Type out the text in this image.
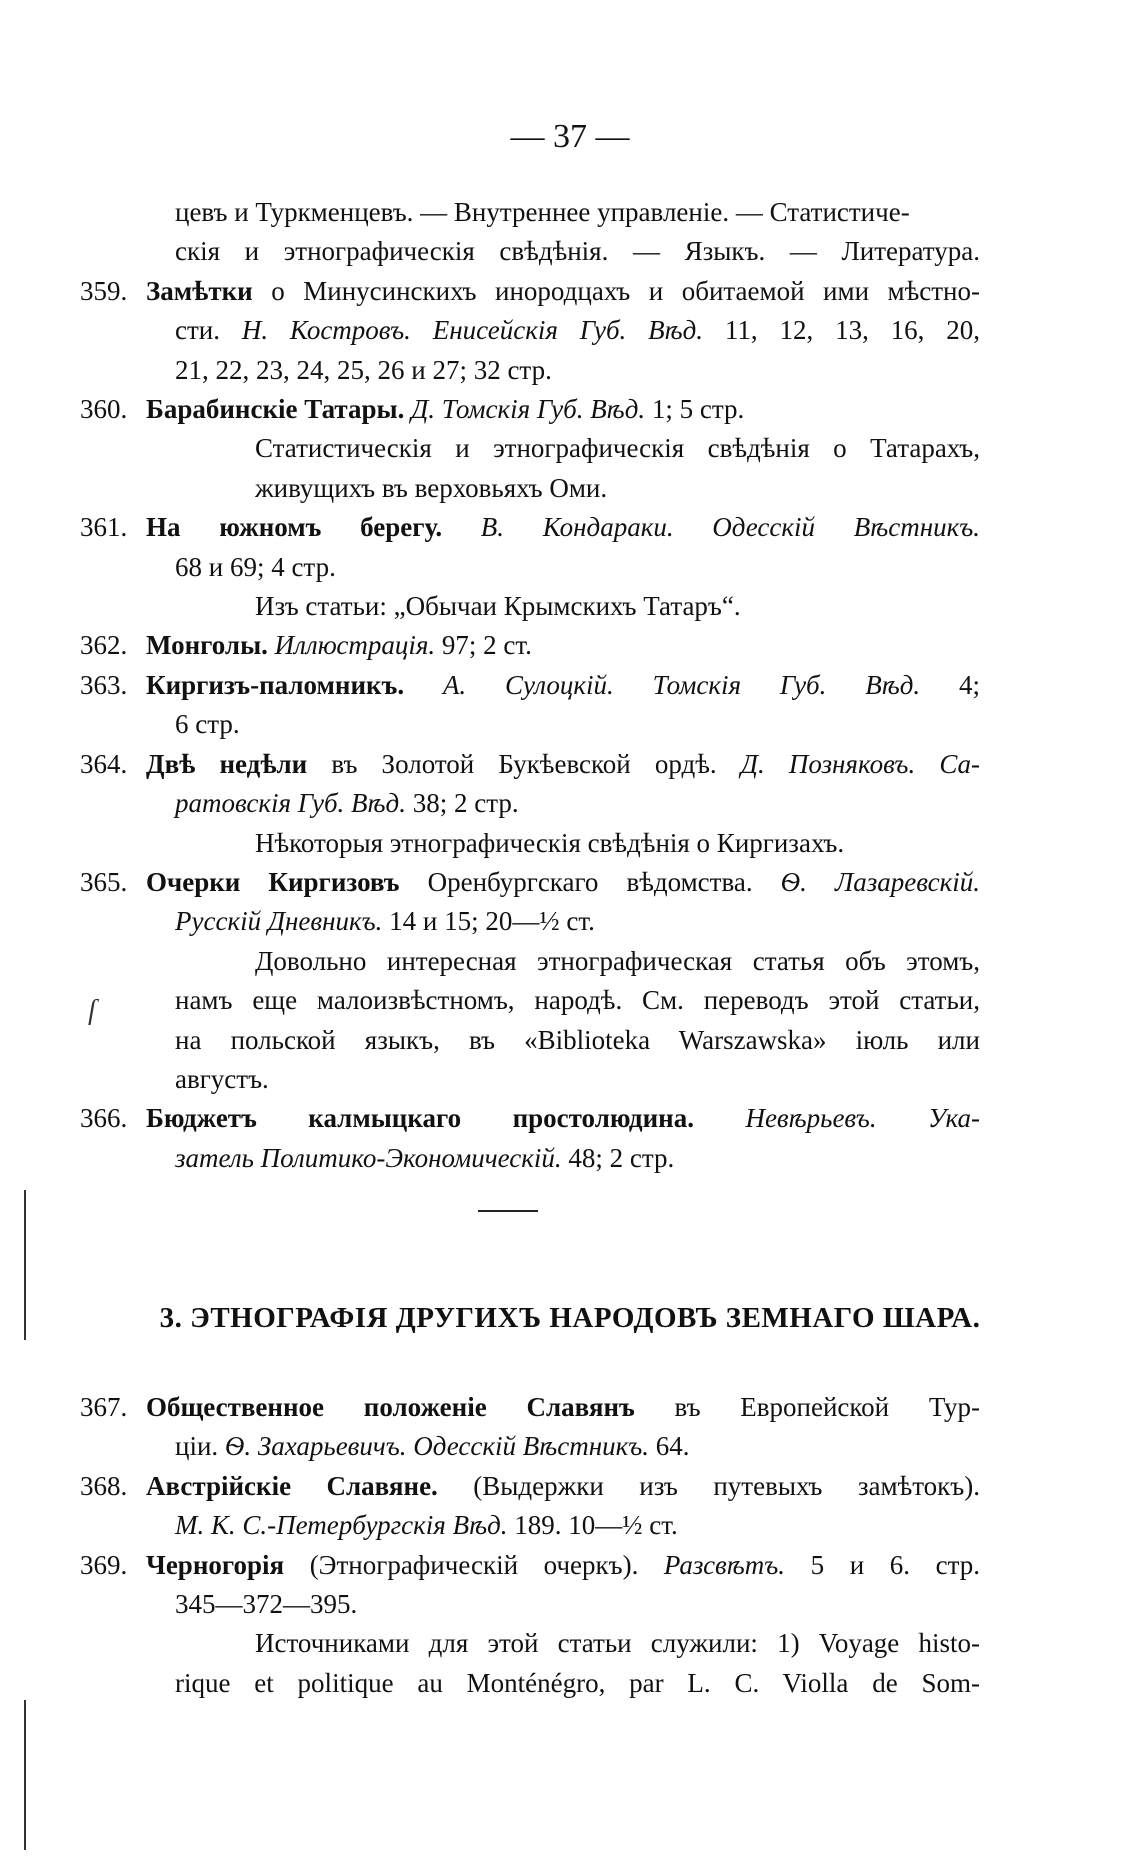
— 37 —
цевъ и Туркменцевъ. — Внутреннее управленіе. — Статистиче-
скія и этнографическія свѣдѣнія. — Языкъ. — Литература.
359. Замѣтки о Минусинскихъ инородцахъ и обитаемой ими мѣстно-
сти. Н. Костровъ. Енисейскія Губ. Вѣд. 11, 12, 13, 16, 20,
21, 22, 23, 24, 25, 26 и 27; 32 стр.
360. Барабинскіе Татары. Д. Томскія Губ. Вѣд. 1; 5 стр.
Статистическія и этнографическія свѣдѣнія о Татарахъ,
живущихъ въ верховьяхъ Оми.
361. На южномъ берегу. В. Кондараки. Одесскій Вѣстникъ.
68 и 69; 4 стр.
Изъ статьи: „Обычаи Крымскихъ Татаръ“.
362. Монголы. Иллюстрація. 97; 2 ст.
363. Киргизъ-паломникъ. А. Сулоцкій. Томскія Губ. Вѣд. 4;
6 стр.
364. Двѣ недѣли въ Золотой Букѣевской ордѣ. Д. Позняковъ. Са-
ратовскія Губ. Вѣд. 38; 2 стр.
Нѣкоторыя этнографическія свѣдѣнія о Киргизахъ.
365. Очерки Киргизовъ Оренбургскаго вѣдомства. Ѳ. Лазаревскій.
Русскій Дневникъ. 14 и 15; 20—½ ст.
Довольно интересная этнографическая статья объ этомъ,
намъ еще малоизвѣстномъ, народѣ. См. переводъ этой статьи,
на польской языкъ, въ «Biblioteka Warszawska» іюль или
августъ.
366. Бюджетъ калмыцкаго простолюдина. Невѣрьевъ. Ука-
затель Политико-Экономическій. 48; 2 стр.
3. ЭТНОГРАФІЯ ДРУГИХЪ НАРОДОВЪ ЗЕМНАГО ШАРА.
367. Общественное положеніе Славянъ въ Европейской Тур-
ціи. Ѳ. Захарьевичъ. Одесскій Вѣстникъ. 64.
368. Австрійскіе Славяне. (Выдержки изъ путевыхъ замѣтокъ).
М. К. С.-Петербургскія Вѣд. 189. 10—½ ст.
369. Черногорія (Этнографическій очеркъ). Разсвѣтъ. 5 и 6. стр.
345—372—395.
Источниками для этой статьи служили: 1) Voyage histo-
rique et politique au Monténégro, par L. C. Viollа de Som-
ſ
